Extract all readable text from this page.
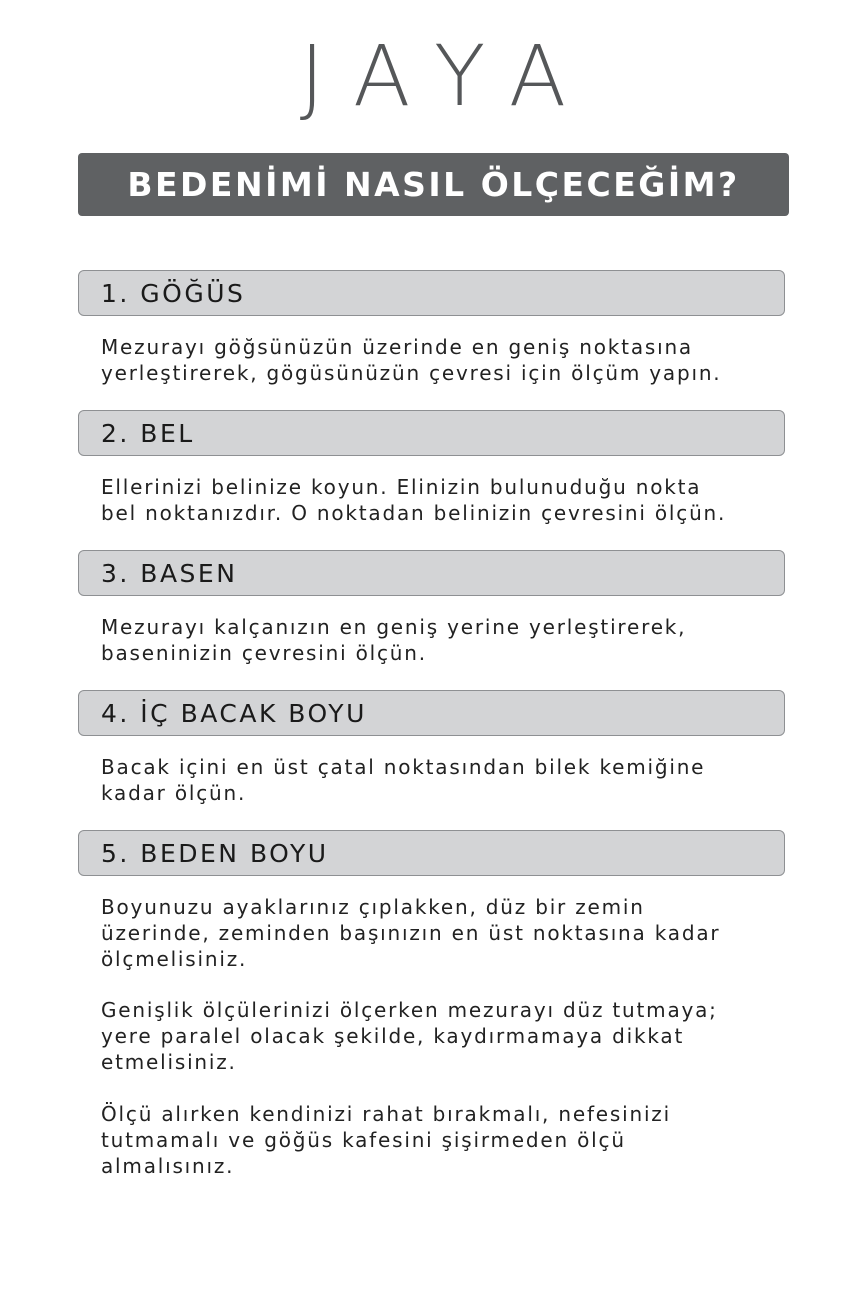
JAYA
BEDENİMİ NASIL ÖLÇECEĞİM?
1. GÖĞÜS
Mezurayı göğsünüzün üzerinde en geniş noktasına
yerleştirerek, gögüsünüzün çevresi için ölçüm yapın.
2. BEL
Ellerinizi belinize koyun. Elinizin bulunuduğu nokta
bel noktanızdır. O noktadan belinizin çevresini ölçün.
3. BASEN
Mezurayı kalçanızın en geniş yerine yerleştirerek,
baseninizin çevresini ölçün.
4. İÇ BACAK BOYU
Bacak içini en üst çatal noktasından bilek kemiğine
kadar ölçün.
5. BEDEN BOYU
Boyunuzu ayaklarınız çıplakken, düz bir zemin
üzerinde, zeminden başınızın en üst noktasına kadar
ölçmelisiniz.
Genişlik ölçülerinizi ölçerken mezurayı düz tutmaya;
yere paralel olacak şekilde, kaydırmamaya dikkat
etmelisiniz.
Ölçü alırken kendinizi rahat bırakmalı, nefesinizi
tutmamalı ve göğüs kafesini şişirmeden ölçü
almalısınız.
